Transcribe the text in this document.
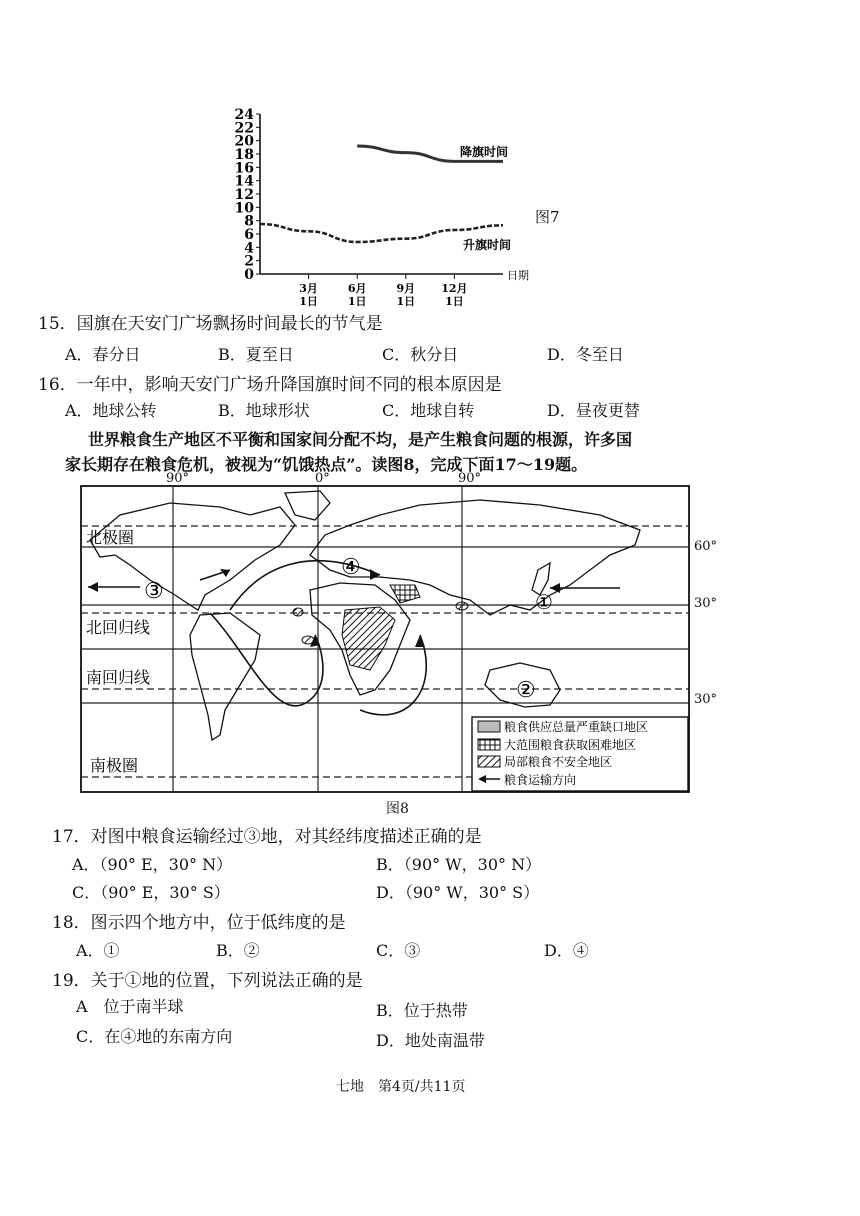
0
2
4
6
8
10
12
14
16
18
20
22
24
3月
1日
6月
1日
9月
1日
12月
1日
日期
降旗时间
升旗时间
图7
15．国旗在天安门广场飘扬时间最长的节气是
A．春分日	B．夏至日	C．秋分日	D．冬至日
16．一年中，影响天安门广场升降国旗时间不同的根本原因是
A．地球公转	B．地球形状	C．地球自转	D．昼夜更替
世界粮食生产地区不平衡和国家间分配不均，是产生粮食问题的根源，许多国
家长期存在粮食危机，被视为“饥饿热点”。读图8，完成下面17～19题。
90°	0°	90°
北极圈
北回归线
南回归线
南极圈
①
②
③
④
粮食供应总量严重缺口地区
大范围粮食获取困难地区
局部粮食不安全地区
粮食运输方向
60°
30°
30°
图8
17．对图中粮食运输经过③地，对其经纬度描述正确的是
A．（90° E，30° N）	B．（90° W，30° N）
C．（90° E，30° S）	D．（90° W，30° S）
18．图示四个地方中，位于低纬度的是
A．①	B．②	C．③	D．④
19．关于①地的位置，下列说法正确的是
A　位于南半球	B．位于热带
C．在④地的东南方向	D．地处南温带
七地　第4页/共11页
